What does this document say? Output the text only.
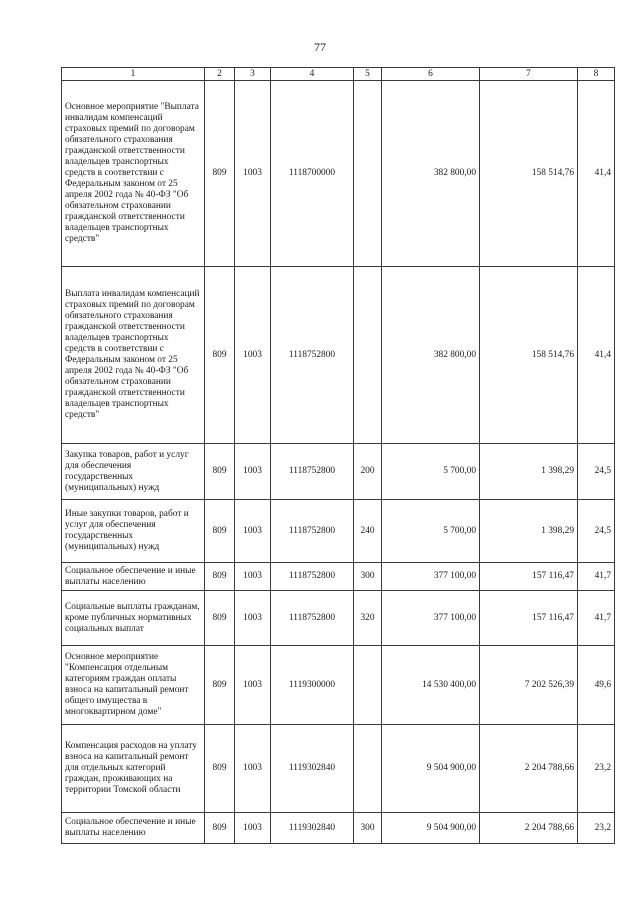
77
1	2	3	4	5	6	7	8
Основное мероприятие "Выплата инвалидам компенсаций страховых премий по договорам обязательного страхования гражданской ответственности владельцев транспортных средств в соответствии с Федеральным законом от 25 апреля 2002 года № 40-ФЗ "Об обязательном страховании гражданской ответственности владельцев транспортных средств"	809	1003	1118700000		382 800,00	158 514,76	41,4
Выплата инвалидам компенсаций страховых премий по договорам обязательного страхования гражданской ответственности владельцев транспортных средств в соответствии с Федеральным законом от 25 апреля 2002 года № 40-ФЗ "Об обязательном страховании гражданской ответственности владельцев транспортных средств"	809	1003	1118752800		382 800,00	158 514,76	41,4
Закупка товаров, работ и услуг для обеспечения государственных (муниципальных) нужд	809	1003	1118752800	200	5 700,00	1 398,29	24,5
Иные закупки товаров, работ и услуг для обеспечения государственных (муниципальных) нужд	809	1003	1118752800	240	5 700,00	1 398,29	24,5
Социальное обеспечение и иные выплаты населению	809	1003	1118752800	300	377 100,00	157 116,47	41,7
Социальные выплаты гражданам, кроме публичных нормативных социальных выплат	809	1003	1118752800	320	377 100,00	157 116,47	41,7
Основное мероприятие "Компенсация отдельным категориям граждан оплаты взноса на капитальный ремонт общего имущества в многоквартирном доме"	809	1003	1119300000		14 530 400,00	7 202 526,39	49,6
Компенсация расходов на уплату взноса на капитальный ремонт для отдельных категорий граждан, проживающих на территории Томской области	809	1003	1119302840		9 504 900,00	2 204 788,66	23,2
Социальное обеспечение и иные выплаты населению	809	1003	1119302840	300	9 504 900,00	2 204 788,66	23,2
